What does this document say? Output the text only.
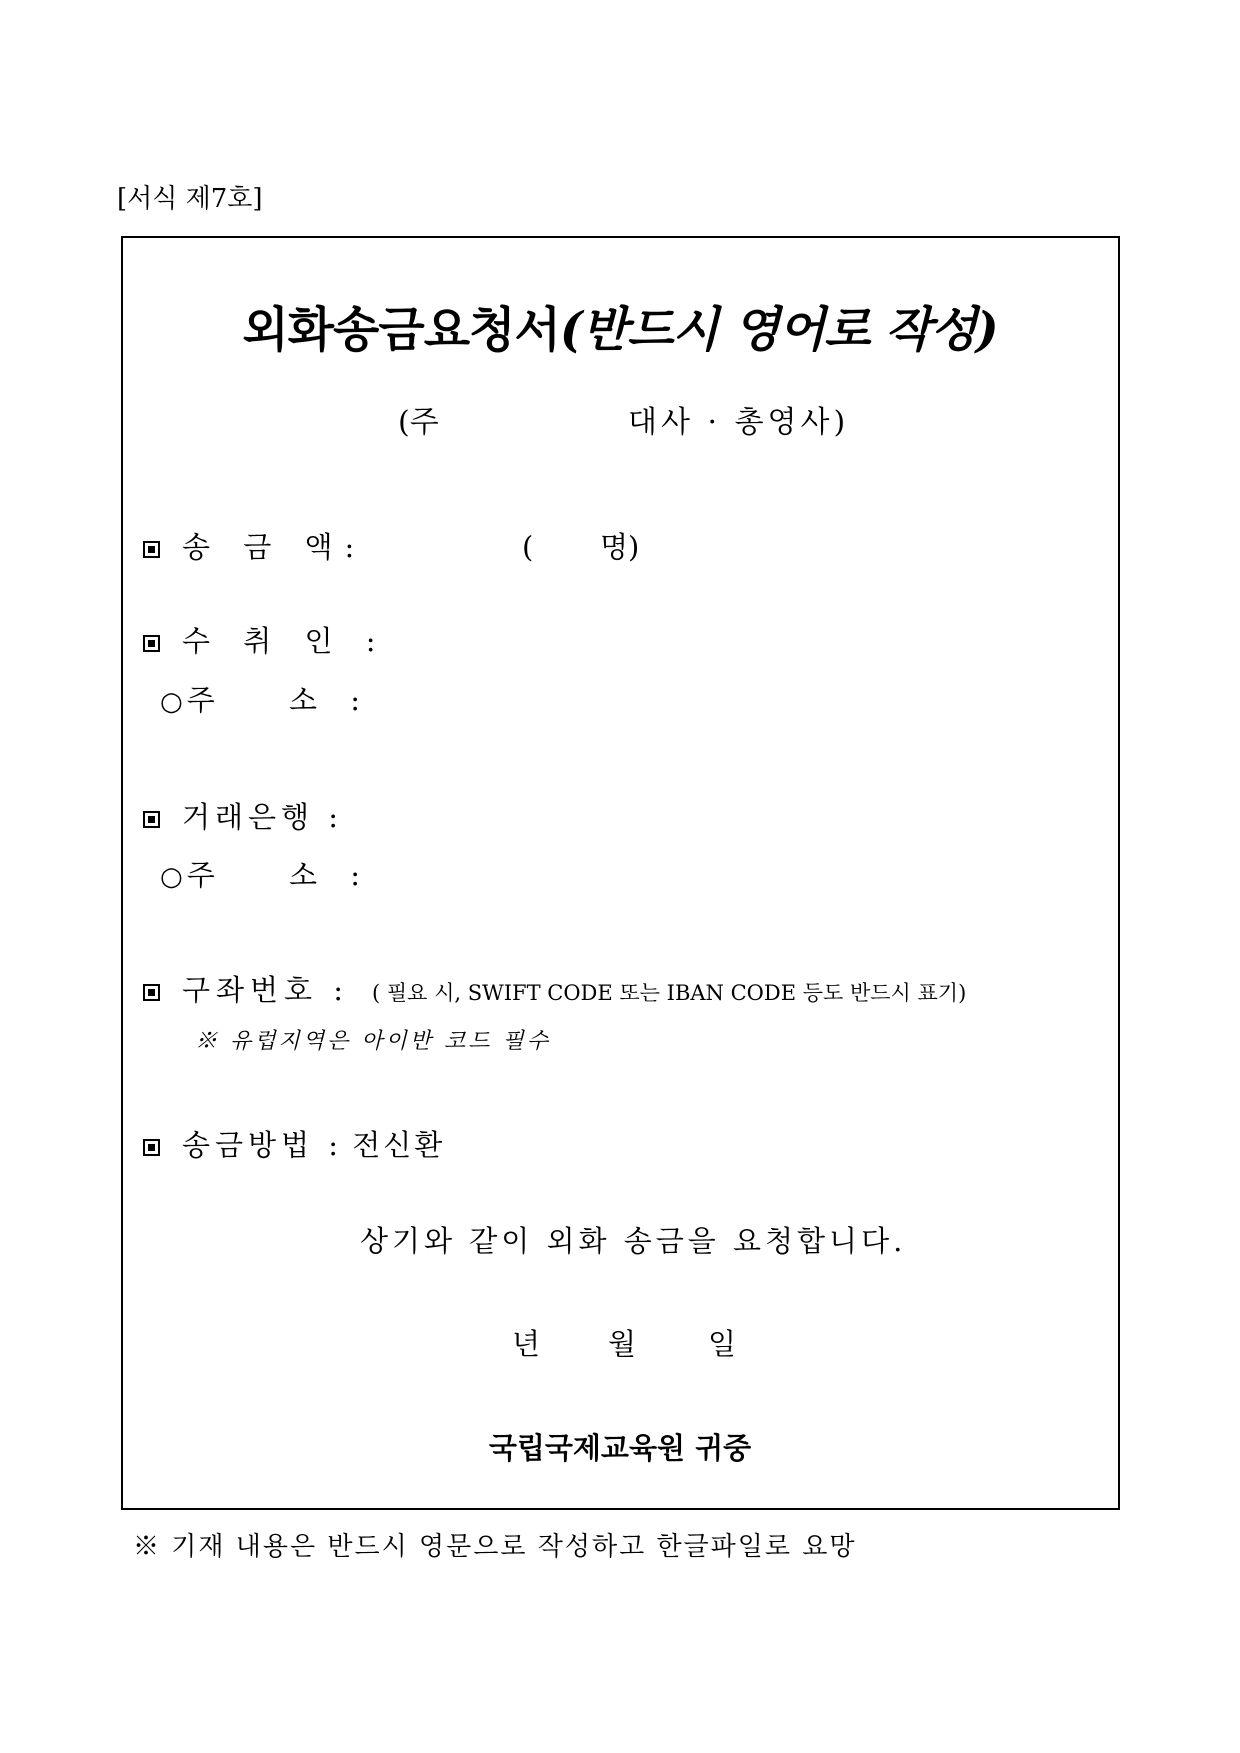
[서식 제7호]
외화송금요청서(반드시 영어로 작성)
(주	대사 · 총영사)
송 금 액:	( 명)
수 취 인 :
○ 주	소 :
거래은행 :
○ 주	소 :
구좌번호 : ( 필요 시, SWIFT CODE 또는 IBAN CODE 등도 반드시 표기)
※ 유럽지역은 아이반 코드 필수
송금방법 : 전신환
상기와 같이 외화 송금을 요청합니다.
년 월 일
국립국제교육원 귀중
※ 기재 내용은 반드시 영문으로 작성하고 한글파일로 요망
